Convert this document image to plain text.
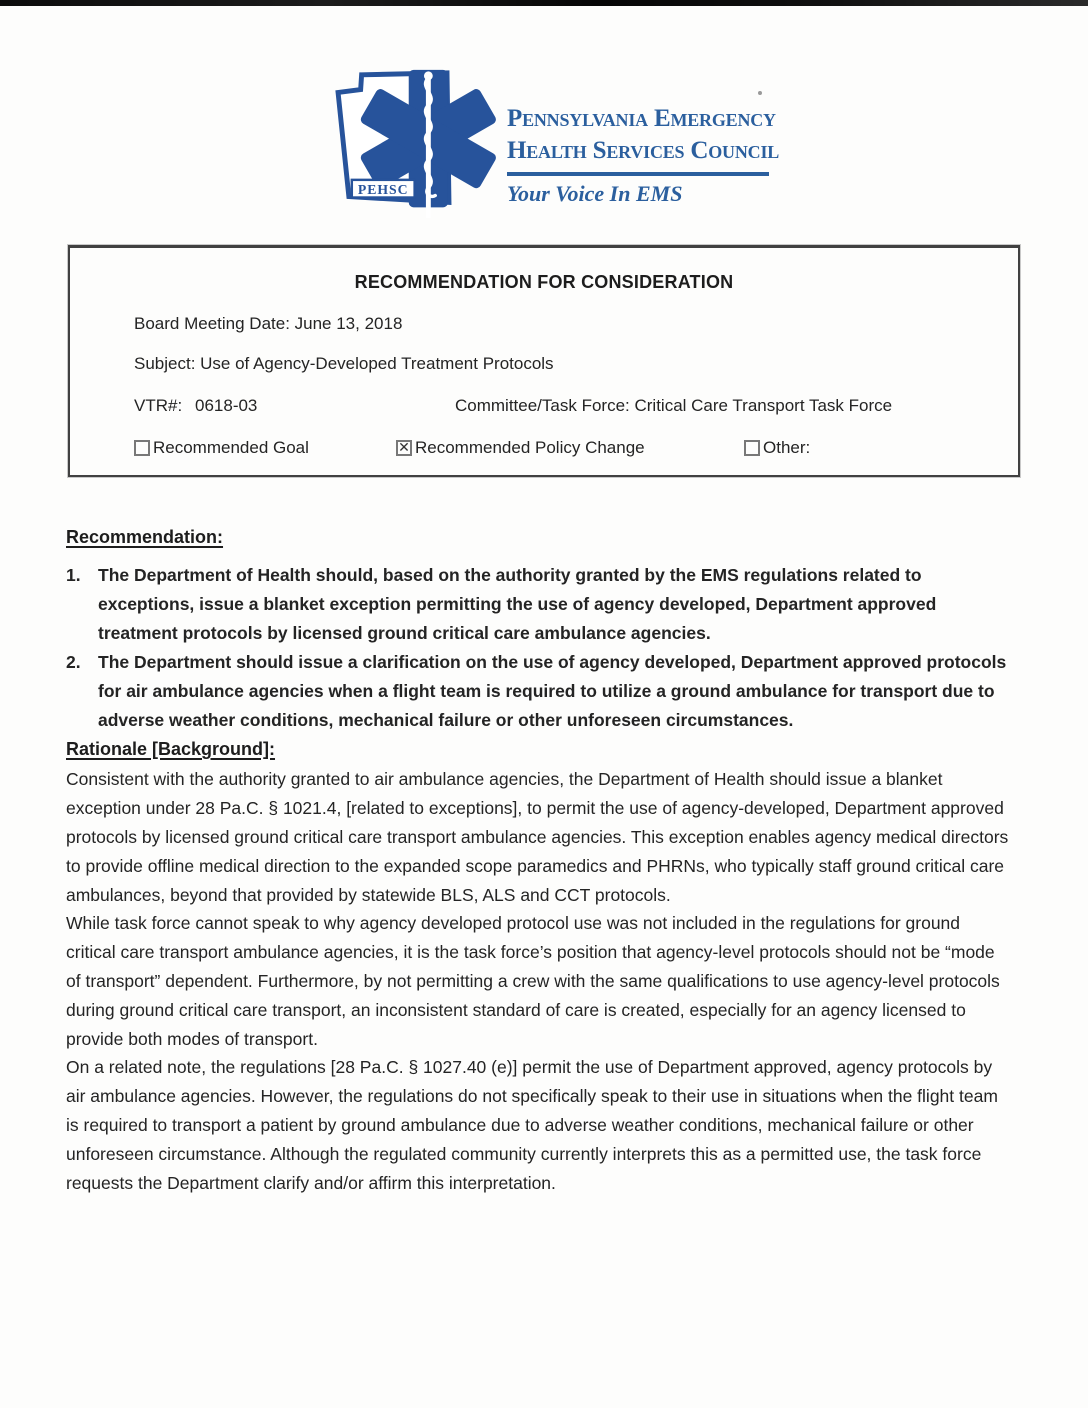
PEHSC
Pennsylvania Emergency
Health Services Council
Your Voice In EMS
RECOMMENDATION FOR CONSIDERATION
Board Meeting Date: June 13, 2018
Subject: Use of Agency-Developed Treatment Protocols
VTR#: 0618-03	Committee/Task Force: Critical Care Transport Task Force
Recommended Goal	✕ Recommended Policy Change	Other:
Recommendation:
1. The Department of Health should, based on the authority granted by the EMS regulations related to exceptions, issue a blanket exception permitting the use of agency developed, Department approved treatment protocols by licensed ground critical care ambulance agencies.
2. The Department should issue a clarification on the use of agency developed, Department approved protocols for air ambulance agencies when a flight team is required to utilize a ground ambulance for transport due to adverse weather conditions, mechanical failure or other unforeseen circumstances.
Rationale [Background]:

Consistent with the authority granted to air ambulance agencies, the Department of Health should issue a blanket exception under 28 Pa.C. § 1021.4, [related to exceptions], to permit the use of agency-developed, Department approved protocols by licensed ground critical care transport ambulance agencies. This exception enables agency medical directors to provide offline medical direction to the expanded scope paramedics and PHRNs, who typically staff ground critical care ambulances, beyond that provided by statewide BLS, ALS and CCT protocols.

While task force cannot speak to why agency developed protocol use was not included in the regulations for ground critical care transport ambulance agencies, it is the task force’s position that agency-level protocols should not be “mode of transport” dependent. Furthermore, by not permitting a crew with the same qualifications to use agency-level protocols during ground critical care transport, an inconsistent standard of care is created, especially for an agency licensed to provide both modes of transport.

On a related note, the regulations [28 Pa.C. § 1027.40 (e)] permit the use of Department approved, agency protocols by air ambulance agencies. However, the regulations do not specifically speak to their use in situations when the flight team is required to transport a patient by ground ambulance due to adverse weather conditions, mechanical failure or other unforeseen circumstance. Although the regulated community currently interprets this as a permitted use, the task force requests the Department clarify and/or affirm this interpretation.
